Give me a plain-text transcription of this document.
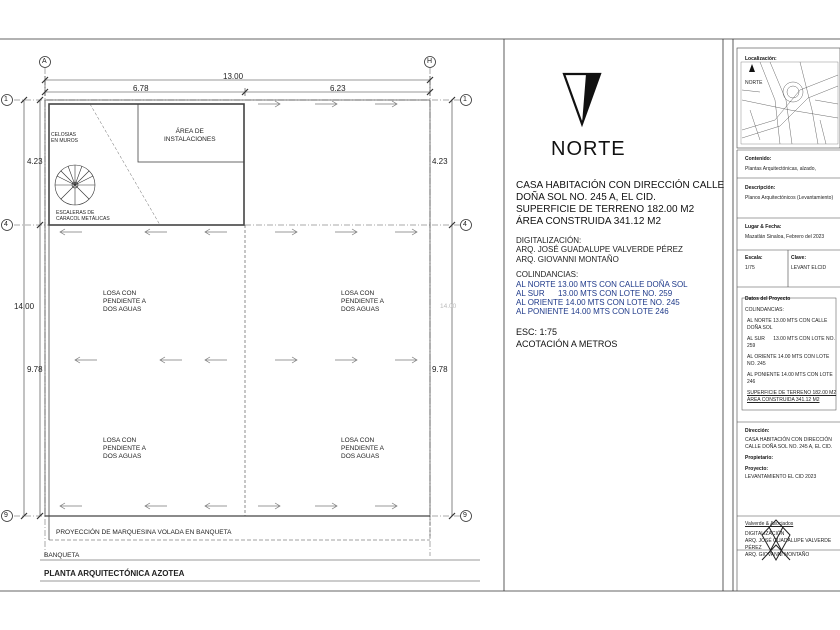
A	H
1	1
4	4
9	9
13.00
6.78	6.23
4.23	4.23
14.00
9.78	9.78
14.00
ÁREA DE
INSTALACIONES
CELOSIAS
EN MUROS
ESCALERAS DE
CARACOL METÁLICAS
LOSA CON
PENDIENTE A
DOS AGUAS
LOSA CON
PENDIENTE A
DOS AGUAS
LOSA CON
PENDIENTE A
DOS AGUAS
LOSA CON
PENDIENTE A
DOS AGUAS
PROYECCIÓN DE MARQUESINA VOLADA EN BANQUETA
BANQUETA
PLANTA ARQUITECTÓNICA AZOTEA
NORTE
CASA HABITACIÓN CON DIRECCIÓN CALLE
DOÑA SOL NO. 245 A, EL CID.
SUPERFICIE DE TERRENO 182.00 M2
ÁREA CONSTRUIDA 341.12 M2
DIGITALIZACIÓN:
ARQ. JOSÉ GUADALUPE VALVERDE PÉREZ
ARQ. GIOVANNI MONTAÑO
COLINDANCIAS:
AL NORTE 13.00 MTS CON CALLE DOÑA SOL
AL SUR      13.00 MTS CON LOTE NO. 259
AL ORIENTE 14.00 MTS CON LOTE NO. 245
AL PONIENTE 14.00 MTS CON LOTE 246
ESC: 1:75
ACOTACIÓN A METROS
Localización:
NORTE
Contenido:
Plantas Arquitectónicas, alzado,
Descripción:
Planos Arquitectónicos (Levantamiento)
Lugar & Fecha:
Mazatlán Sinaloa, Febrero del 2023
Escala:
1/75
Clave:
LEVANT ELCID
Datos del Proyecto
COLINDANCIAS:
AL NORTE 13.00 MTS CON CALLE
DOÑA SOL
AL SUR      13.00 MTS CON LOTE NO.
259
AL ORIENTE 14.00 MTS CON LOTE
NO. 245
AL PONIENTE 14.00 MTS CON LOTE
246
SUPERFICIE DE TERRENO 182.00 M2
ÁREA CONSTRUIDA 341.12 M2
Dirección:
CASA HABITACIÓN CON DIRECCIÓN
CALLE DOÑA SOL NO. 245 A, EL CID.
Propietario:
Proyecto:
LEVANTAMIENTO EL CID 2023
Valverde & Asociados
DIGITALIZACIÓN
ARQ. JOSÉ GUADALUPE VALVERDE
PÉREZ
ARQ. GIOVANNI MONTAÑO
